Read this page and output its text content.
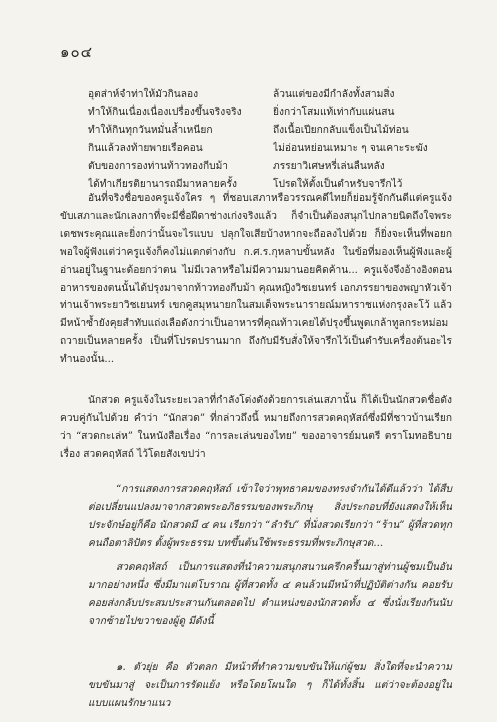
๑๐๔
อุตส่าห์จำท่าให้มัวกินลอง	ล้วนแต่ของมีกำลังทั้งสามสิ่ง
ทำให้กินเนื่องเนื่องเปรื่องขึ้นจริงจริง	ยิ่งกว่าโสมแท้เท่ากับแผ่นสน
ทำให้กินทุกวันหมั่นล้ำเหนียก	ถึงเนื้อเปียกกลับแข็งเป็นไม้ท่อน
กินแล้วลงท้ายพายเรือคอน	ไม่อ่อนหย่อนเหมาะ ๆ จนเคาะระฆัง
ตับของการองท่านท้าวทองกีบม้า	ภรรยาวิเศษหรี่เล่นลืนหลัง
ได้ทำเกียรติยานารถมีมาหลายครั้ง	โปรดให้ตั้งเป็นตำหรับจารึกไว้
อันที่จริงชื่อของครูแจ้งใคร ๆ ที่ชอบเสภาหรือวรรณคดีไทยก็ย่อมรู้จักกันดีแต่ครูแจ้งขับเสภาและนักเลงกาที่จะมีชื่อฝีดาช่างเก่งจริงแล้ว ก็จำเป็นต้องสนุกไปกลายนิดถึงใจพระเดชพระคุณและยิ่งกว่านั้นจะไรแบบ ปลุกใจเสียบ้างหากจะถือลงไปด้วย ก็ยิ่งจะเห็นที่พอยกพอใจผู้ฟังแต่ว่าครูแจ้งก็คงไม่แตกต่างกับ ก.ศ.ร.กุหลาบขั้นหลัง ในข้อที่มองเห็นผู้ฟังและผู้อ่านอยู่ในฐานะด้อยกว่าตน ไม่มีเวลาหรือไม่มีความมานอยคิดค้าน... ครูแจ้งจึงอ้างอิงตอนอาหารของตนนั้นได้ปรุงมาจากท้าวทองกีบม้า คุณหญิงวิชเยนทร์ เอกภรรยาของพญาหัวเจ้าท่านเจ้าพระยาวิชเยนทร์ เขกคูสมุหนายกในสมเด็จพระนารายณ์มหาราชแห่งกรุงละโว้ แล้วมีหน้าซ้ำยังคุยสำทับแถ่งเลือดังกว่าเป็นอาหารที่คุณท้าวเคยได้ปรุงขึ้นพูดเกล้าทูลกระหม่อมถวายเป็นหลายครั้ง เป็นที่โปรดปรานมาก ถึงกับมีรับสั่งให้จารึกไว้เป็นตำรับเครื่องต้นอะไรทำนองนั้น...
นักสวด ครูแจ้งในระยะเวลาที่กำลังโด่งดังด้วยการเล่นเสภานั้น ก็ได้เป็นนักสวดชื่อดังควบคู่กันไปด้วย คำว่า “นักสวด” ที่กล่าวถึงนี้ หมายถึงการสวดคฤหัสถ์ซึ่งมีที่ชาวบ้านเรียกว่า “สวดกะเล่ห” ในหนังสือเรื่อง “การละเล่นของไทย” ของอาจารย์มนตรี ตราโมทอธิบาย เรื่อง สวดคฤหัสถ์ ไว้โดยสังเขปว่า
“การแสดงการสวดคฤหัสถ์ เข้าใจว่าพุทธาคมของทรงจำกันได้ดีแล้วว่า ได้สืบต่อเปลี่ยนแปลงมาจากสวดพระอภิธรรมของพระภิกษุ สิ่งประกอบที่ยังแสดงให้เห็นประจักษ์อยู่ก็คือ นักสวดมี ๔ คน เรียกว่า “ลำรับ” ที่นั่งสวดเรียกว่า “ร้าน” ผู้ที่สวดทุกคนถือตาลิปัตร ตั้งผู้พระธรรม บทขึ้นต้นใช้พระธรรมที่พระภิกษุสวด...
สวดคฤหัสถ์ เป็นการแสดงที่นำความสนุกสนานครึกครื้นมาสู่ท่านผู้ชมเป็นอันมากอย่างหนึ่ง ซึ่งมีมาแต่โบราณ ผู้ที่สวดทั้ง ๔ คนล้วนมีหน้าที่ปฏิบัติต่างกัน คอยรับคอยส่งกลับประสมประสานกันตลอดไป ตำแหน่งของนักสวดทั้ง ๔ ซึ่งนั่งเรียงกันนับจากซ้ายไปขวาของผู้ดู มีดังนี้
๑. ตัวยุ่ย คือ ตัวตลก มีหน้าที่ทำความขบขันให้แก่ผู้ชม สิ่งใดที่จะนำความขบขันมาสู่ จะเป็นการรัดแย้ง หรือโดยโผนใด ๆ ก็ได้ทั้งสิ้น แต่ว่าจะต้องอยู่ในแบบแผนรักษาแนว
